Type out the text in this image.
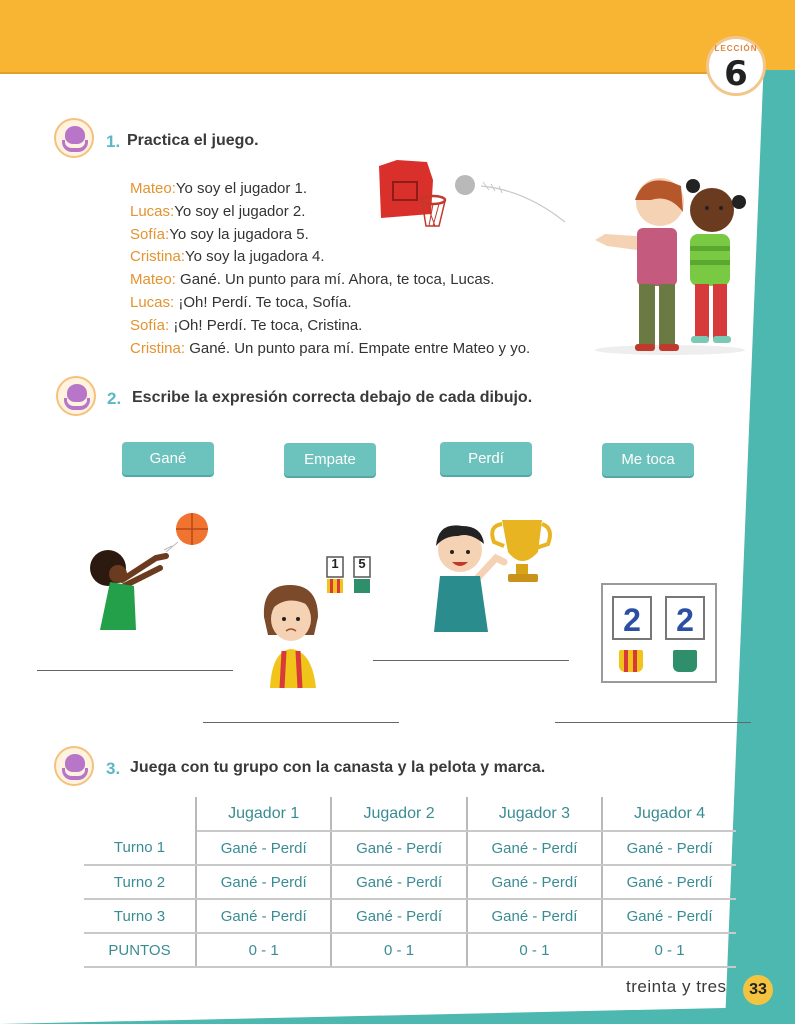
LECCIÓN
6
1. Practica el juego.
Mateo:Yo soy el jugador 1.
Lucas:Yo soy el jugador 2.
Sofía:Yo soy la jugadora 5.
Cristina:Yo soy la jugadora 4.
Mateo: Gané. Un punto para mí. Ahora, te toca, Lucas.
Lucas: ¡Oh! Perdí. Te toca, Sofía.
Sofía: ¡Oh! Perdí. Te toca, Cristina.
Cristina: Gané. Un punto para mí. Empate entre Mateo y yo.
2. Escribe la expresión correcta debajo de cada dibujo.
Gané	Empate	Perdí	Me toca
1	5
2	2
3. Juega con tu grupo con la canasta y la pelota y marca.
	Jugador 1	Jugador 2	Jugador 3	Jugador 4
Turno 1	Gané - Perdí	Gané - Perdí	Gané - Perdí	Gané - Perdí
Turno 2	Gané - Perdí	Gané - Perdí	Gané - Perdí	Gané - Perdí
Turno 3	Gané - Perdí	Gané - Perdí	Gané - Perdí	Gané - Perdí
PUNTOS	0 - 1	0 - 1	0 - 1	0 - 1
treinta y tres	33
